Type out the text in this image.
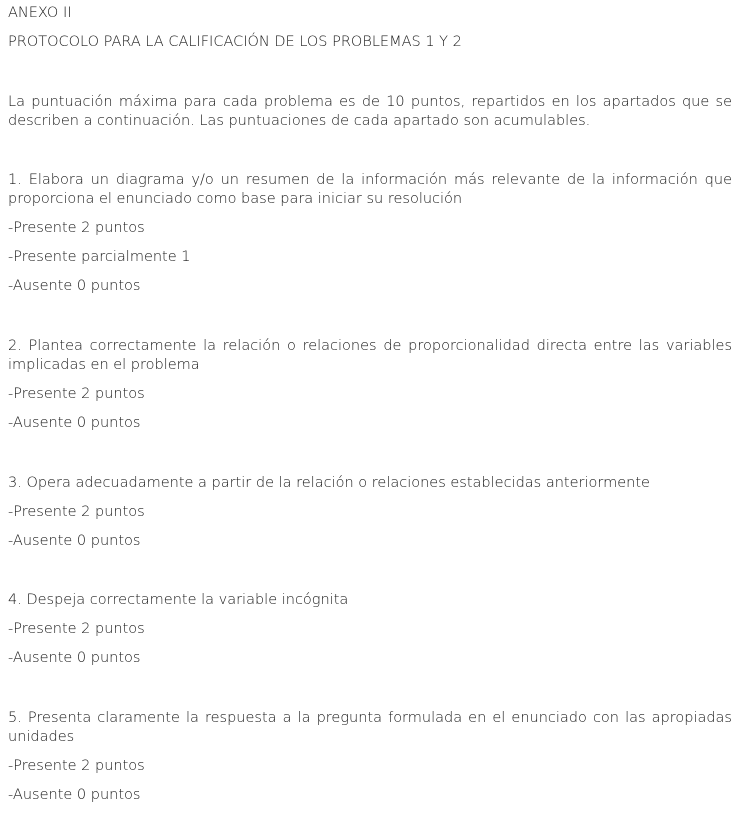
ANEXO II
PROTOCOLO PARA LA CALIFICACIÓN DE LOS PROBLEMAS 1 Y 2
La puntuación máxima para cada problema es de 10 puntos, repartidos en los apartados que se describen a continuación. Las puntuaciones de cada apartado son acumulables.
1. Elabora un diagrama y/o un resumen de la información más relevante de la información que proporciona el enunciado como base para iniciar su resolución
-Presente 2 puntos
-Presente parcialmente 1
-Ausente 0 puntos
2. Plantea correctamente la relación o relaciones de proporcionalidad directa entre las variables implicadas en el problema
-Presente 2 puntos
-Ausente 0 puntos
3. Opera adecuadamente a partir de la relación o relaciones establecidas anteriormente
-Presente 2 puntos
-Ausente 0 puntos
4. Despeja correctamente la variable incógnita
-Presente 2 puntos
-Ausente 0 puntos
5. Presenta claramente la respuesta a la pregunta formulada en el enunciado con las apropiadas unidades
-Presente 2 puntos
-Ausente 0 puntos
